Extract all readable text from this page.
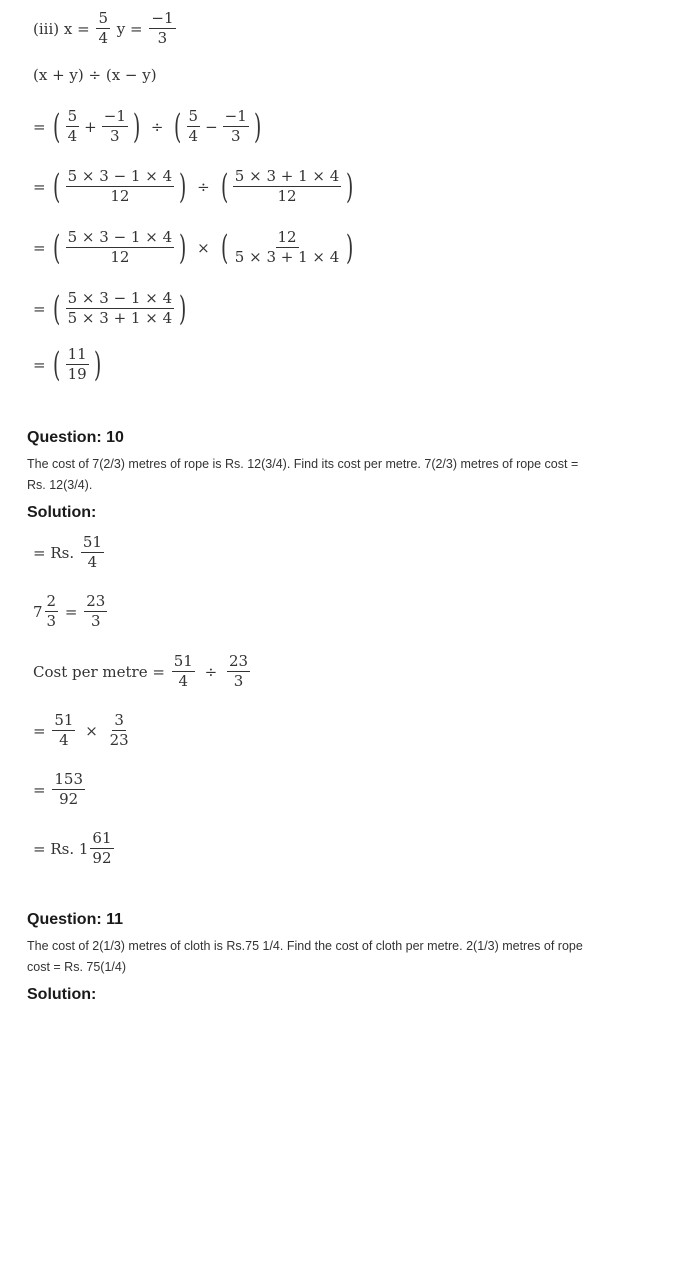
(iii) $x = \frac{5}{4}$ $y = \frac{-1}{3}$
(x + y) ÷ (x − y)
= ( $\frac{5}{4} + \frac{-1}{3}$ ) ÷ ( $\frac{5}{4} - \frac{-1}{3}$ )
= ( $\frac{5 \times 3 - 1 \times 4}{12}$ ) ÷ ( $\frac{5 \times 3 + 1 \times 4}{12}$ )
= ( $\frac{5 \times 3 - 1 \times 4}{12}$ ) × ( $\frac{12}{5 \times 3 + 1 \times 4}$ )
= ( $\frac{5 \times 3 - 1 \times 4}{5 \times 3 + 1 \times 4}$ )
= ( $\frac{11}{19}$ )
Question: 10
The cost of 7(2/3) metres of rope is Rs. 12(3/4). Find its cost per metre. 7(2/3) metres of rope cost = Rs. 12(3/4).
Solution:
= Rs. $\frac{51}{4}$
$7 \frac{2}{3} = \frac{23}{3}$
Cost per metre = $\frac{51}{4} \div \frac{23}{3}$
= $\frac{51}{4} \times \frac{3}{23}$
= $\frac{153}{92}$
= Rs. $1 \frac{61}{92}$
Question: 11
The cost of 2(1/3) metres of cloth is Rs.75 1/4. Find the cost of cloth per metre. 2(1/3) metres of rope cost = Rs. 75(1/4)
Solution:
